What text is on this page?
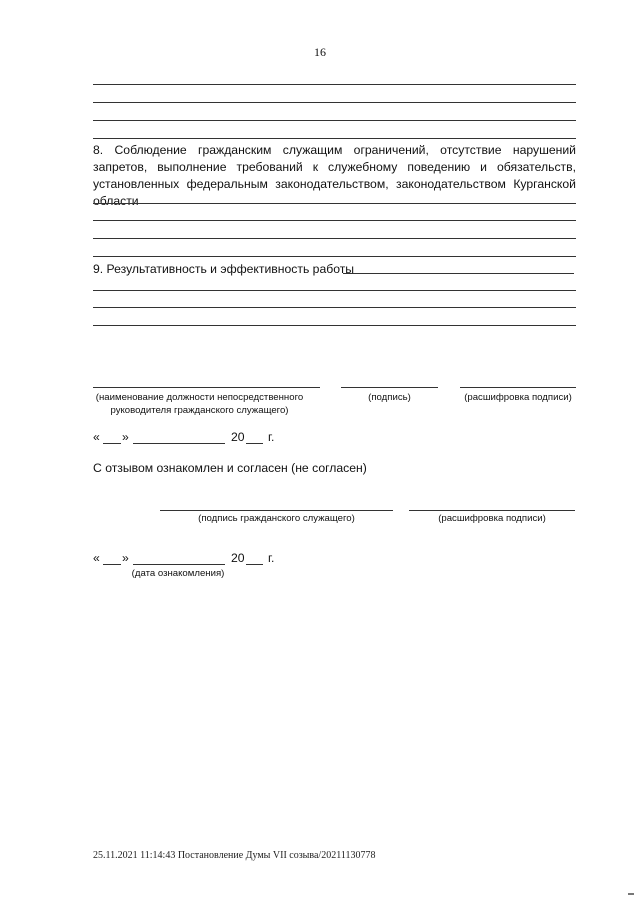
16
8. Соблюдение гражданским служащим ограничений, отсутствие нарушений запретов, выполнение требований к служебному поведению и обязательств, установленных федеральным законодательством, законодательством Курганской области
9. Результативность и эффективность работы
(наименование должности непосредственного руководителя гражданского служащего)
(подпись)	(расшифровка подписи)
« »	20 г.
С отзывом ознакомлен и согласен (не согласен)
(подпись гражданского служащего)	(расшифровка подписи)
« »	20 г.
(дата ознакомления)
25.11.2021 11:14:43 Постановление Думы VII созыва/20211130778
